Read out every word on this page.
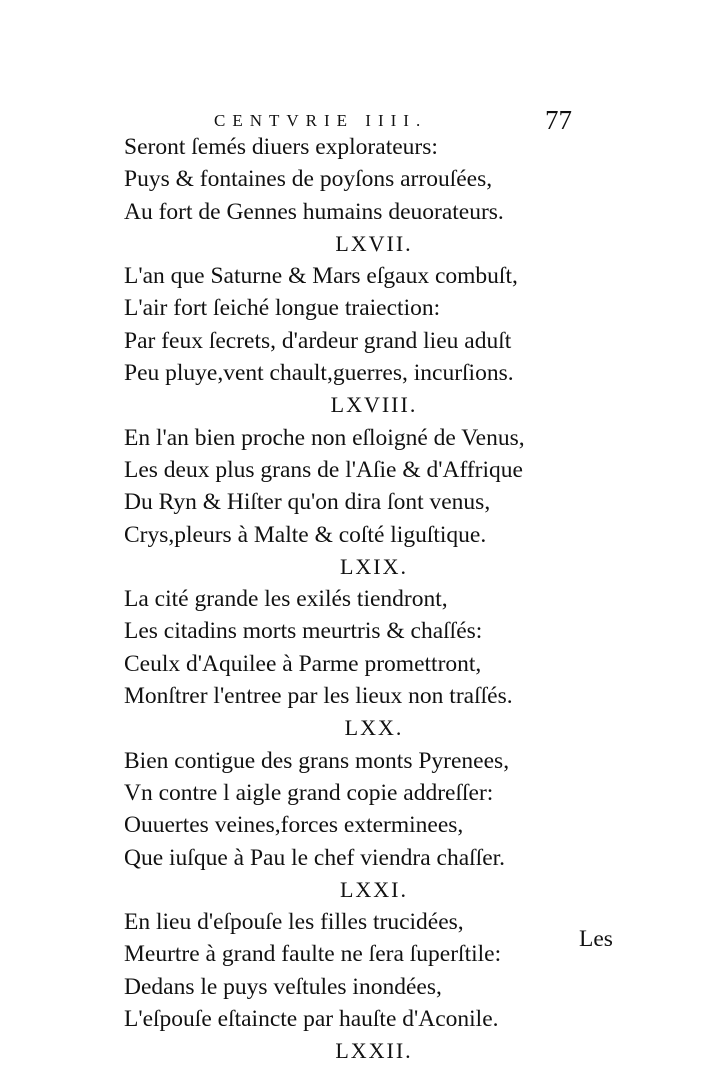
CENTVRIE IIII.	77
Seront ſemés diuers explorateurs:
Puys & fontaines de poyſons arrouſées,
Au fort de Gennes humains deuorateurs.
LXVII.
L'an que Saturne & Mars eſgaux combuſt,
L'air fort ſeiché longue traiection:
Par feux ſecrets, d'ardeur grand lieu aduſt
Peu pluye,vent chault,guerres, incurſions.
LXVIII.
En l'an bien proche non eſloigné de Venus,
Les deux plus grans de l'Aſie & d'Affrique
Du Ryn & Hiſter qu'on dira ſont venus,
Crys,pleurs à Malte & coſté liguſtique.
LXIX.
La cité grande les exilés tiendront,
Les citadins morts meurtris & chaſſés:
Ceulx d'Aquilee à Parme promettront,
Monſtrer l'entree par les lieux non traſſés.
LXX.
Bien contigue des grans monts Pyrenees,
Vn contre l aigle grand copie addreſſer:
Ouuertes veines,forces exterminees,
Que iuſque à Pau le chef viendra chaſſer.
LXXI.
En lieu d'eſpouſe les filles trucidées,
Meurtre à grand faulte ne ſera ſuperſtile:
Dedans le puys veſtules inondées,
L'eſpouſe eſtaincte par hauſte d'Aconile.
LXXII.
Les
